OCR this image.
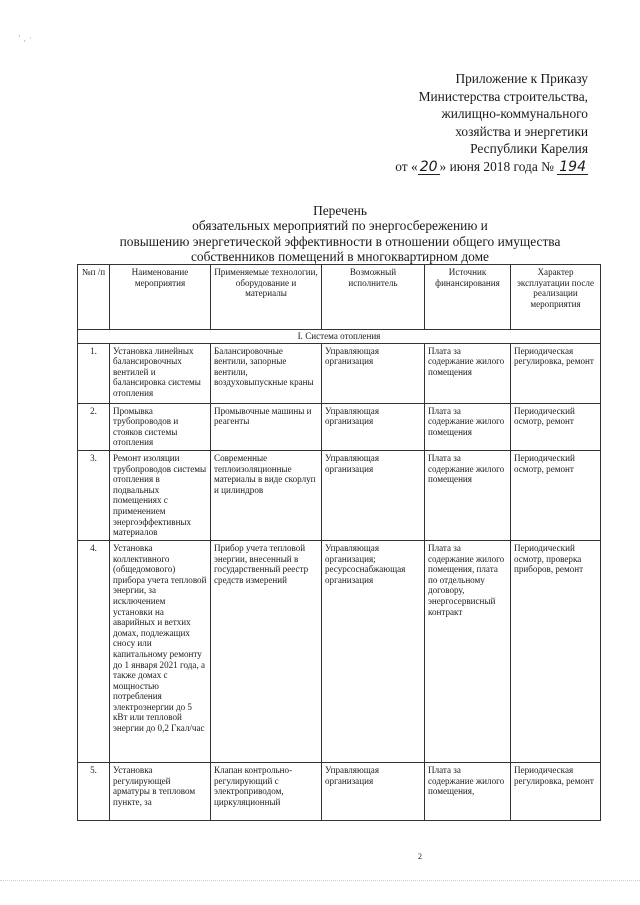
' , ·
Приложение к Приказу
Министерства строительства,
жилищно-коммунального
хозяйства и энергетики
Республики Карелия
от « 20 » июня 2018 года № 194
Перечень
обязательных мероприятий по энергосбережению и
повышению энергетической эффективности в отношении общего имущества
собственников помещений в многоквартирном доме
№п /п	Наименование мероприятия	Применяемые технологии, оборудование и материалы	Возможный исполнитель	Источник финансирования	Характер эксплуатации после реализации мероприятия
I. Система отопления					
1.	Установка линейных балансировочных вентилей и балансировка системы отопления	Балансировочные вентили, запорные вентили, воздуховыпускные краны	Управляющая организация	Плата за содержание жилого помещения	Периодическая регулировка, ремонт
2.	Промывка трубопроводов и стояков системы отопления	Промывочные машины и реагенты	Управляющая организация	Плата за содержание жилого помещения	Периодический осмотр, ремонт
3.	Ремонт изоляции трубопроводов системы отопления в подвальных помещениях с применением энергоэффективных материалов	Современные теплоизоляционные материалы в виде скорлуп и цилиндров	Управляющая организация	Плата за содержание жилого помещения	Периодический осмотр, ремонт
4.	Установка коллективного (общедомового) прибора учета тепловой энергии, за исключением установки на аварийных и ветхих домах, подлежащих сносу или капитальному ремонту до 1 января 2021 года, а также домах с мощностью потребления электроэнергии до 5 кВт или тепловой энергии до 0,2 Гкал/час	Прибор учета тепловой энергии, внесенный в государственный реестр средств измерений	Управляющая организация; ресурсоснабжающая организация	Плата за содержание жилого помещения, плата по отдельному договору, энергосервисный контракт	Периодический осмотр, проверка приборов, ремонт
5.	Установка регулирующей арматуры в тепловом пункте, за	Клапан контрольно-регулирующий с электроприводом, циркуляционный	Управляющая организация	Плата за содержание жилого помещения,	Периодическая регулировка, ремонт
2
